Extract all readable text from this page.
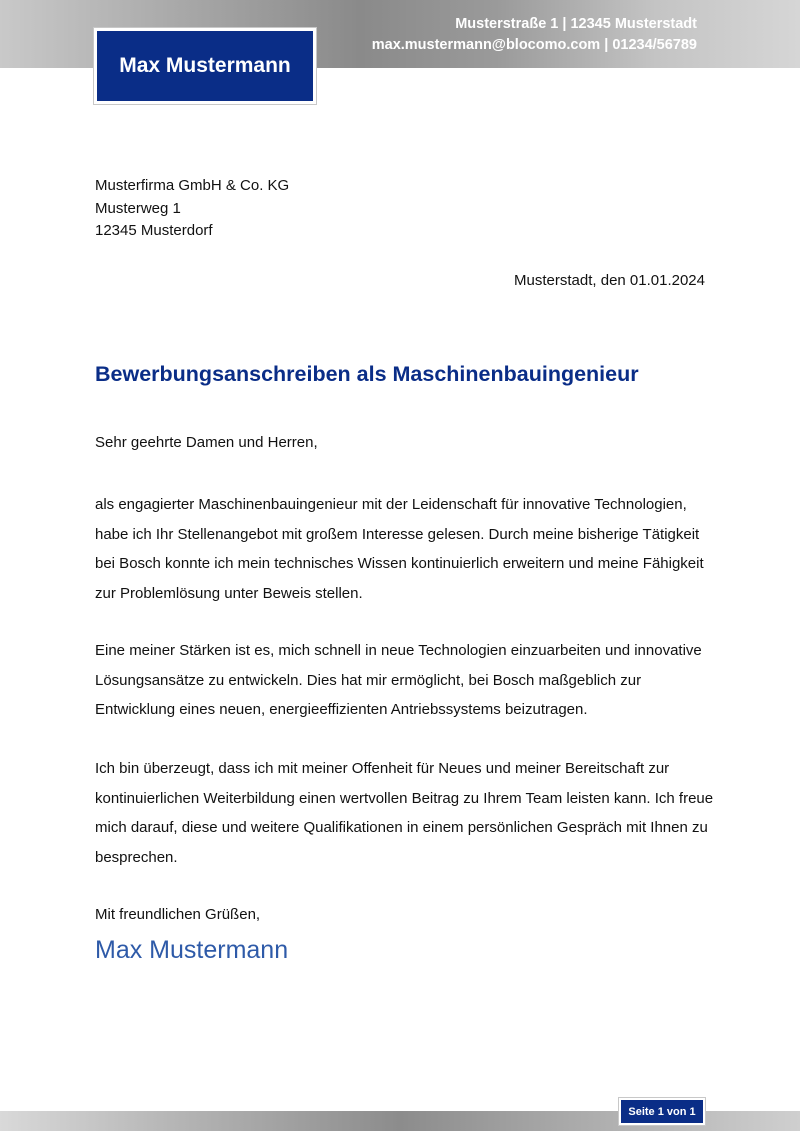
Musterstraße 1 | 12345 Musterstadt
max.mustermann@blocomo.com | 01234/56789
Max Mustermann
Musterfirma GmbH & Co. KG
Musterweg 1
12345 Musterdorf
Musterstadt, den 01.01.2024
Bewerbungsanschreiben als Maschinenbauingenieur
Sehr geehrte Damen und Herren,

als engagierter Maschinenbauingenieur mit der Leidenschaft für innovative Technologien, habe ich Ihr Stellenangebot mit großem Interesse gelesen. Durch meine bisherige Tätigkeit bei Bosch konnte ich mein technisches Wissen kontinuierlich erweitern und meine Fähigkeit zur Problemlösung unter Beweis stellen.

Eine meiner Stärken ist es, mich schnell in neue Technologien einzuarbeiten und innovative Lösungsansätze zu entwickeln. Dies hat mir ermöglicht, bei Bosch maßgeblich zur Entwicklung eines neuen, energieeffizienten Antriebssystems beizutragen.

Ich bin überzeugt, dass ich mit meiner Offenheit für Neues und meiner Bereitschaft zur kontinuierlichen Weiterbildung einen wertvollen Beitrag zu Ihrem Team leisten kann. Ich freue mich darauf, diese und weitere Qualifikationen in einem persönlichen Gespräch mit Ihnen zu besprechen.

Mit freundlichen Grüßen,
Max Mustermann
Seite 1 von 1
